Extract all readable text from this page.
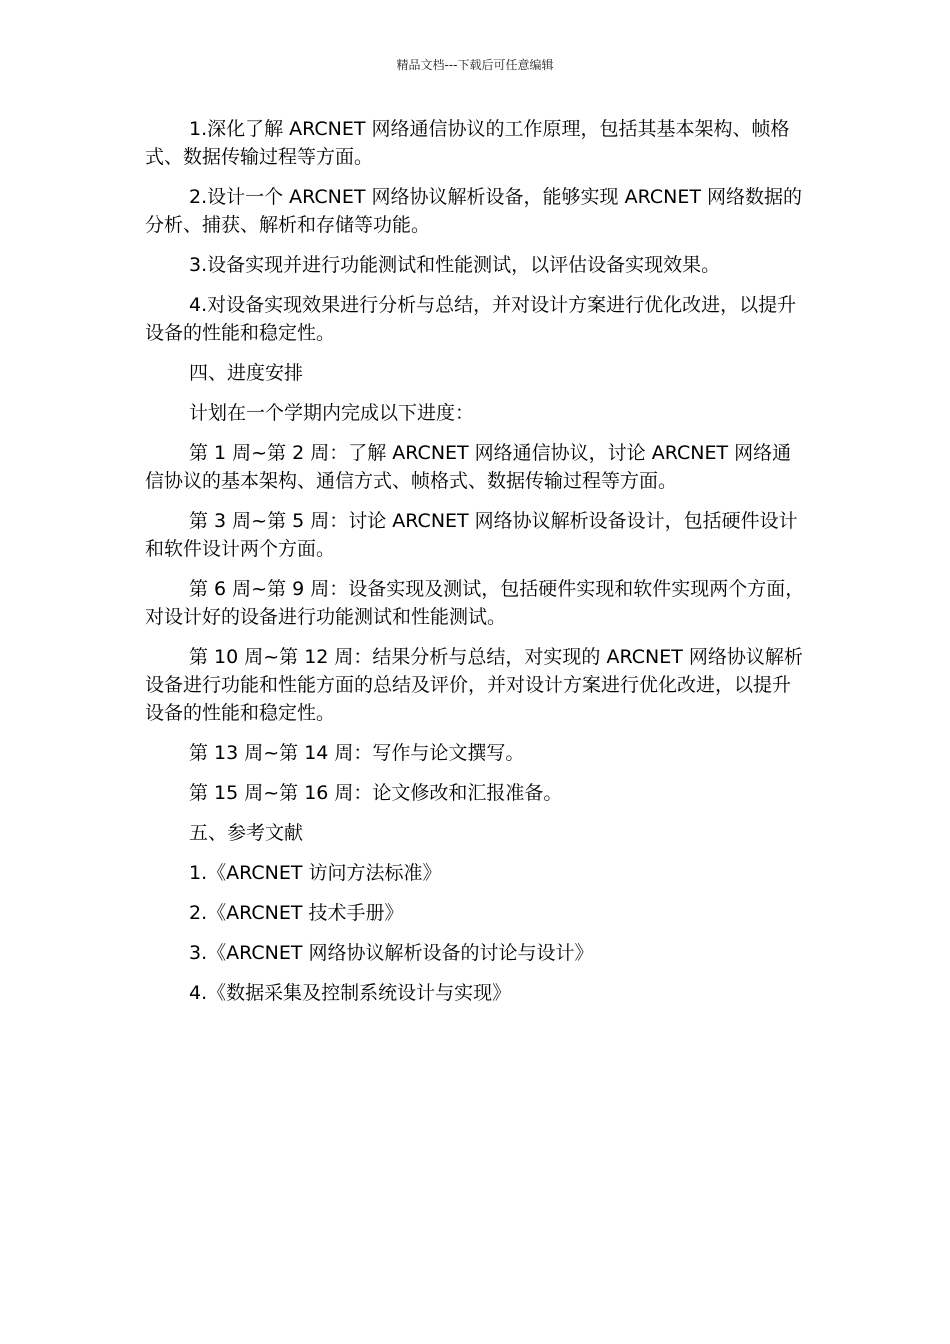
精品文档---下载后可任意编辑

1.深化了解 ARCNET 网络通信协议的工作原理，包括其基本架构、帧格式、数据传输过程等方面。

2.设计一个 ARCNET 网络协议解析设备，能够实现 ARCNET 网络数据的分析、捕获、解析和存储等功能。

3.设备实现并进行功能测试和性能测试，以评估设备实现效果。

4.对设备实现效果进行分析与总结，并对设计方案进行优化改进，以提升设备的性能和稳定性。

四、进度安排

计划在一个学期内完成以下进度：

第 1 周~第 2 周：了解 ARCNET 网络通信协议，讨论 ARCNET 网络通信协议的基本架构、通信方式、帧格式、数据传输过程等方面。

第 3 周~第 5 周：讨论 ARCNET 网络协议解析设备设计，包括硬件设计和软件设计两个方面。

第 6 周~第 9 周：设备实现及测试，包括硬件实现和软件实现两个方面，对设计好的设备进行功能测试和性能测试。

第 10 周~第 12 周：结果分析与总结，对实现的 ARCNET 网络协议解析设备进行功能和性能方面的总结及评价，并对设计方案进行优化改进，以提升设备的性能和稳定性。

第 13 周~第 14 周：写作与论文撰写。

第 15 周~第 16 周：论文修改和汇报准备。

五、参考文献

1.《ARCNET 访问方法标准》

2.《ARCNET 技术手册》

3.《ARCNET 网络协议解析设备的讨论与设计》

4.《数据采集及控制系统设计与实现》
